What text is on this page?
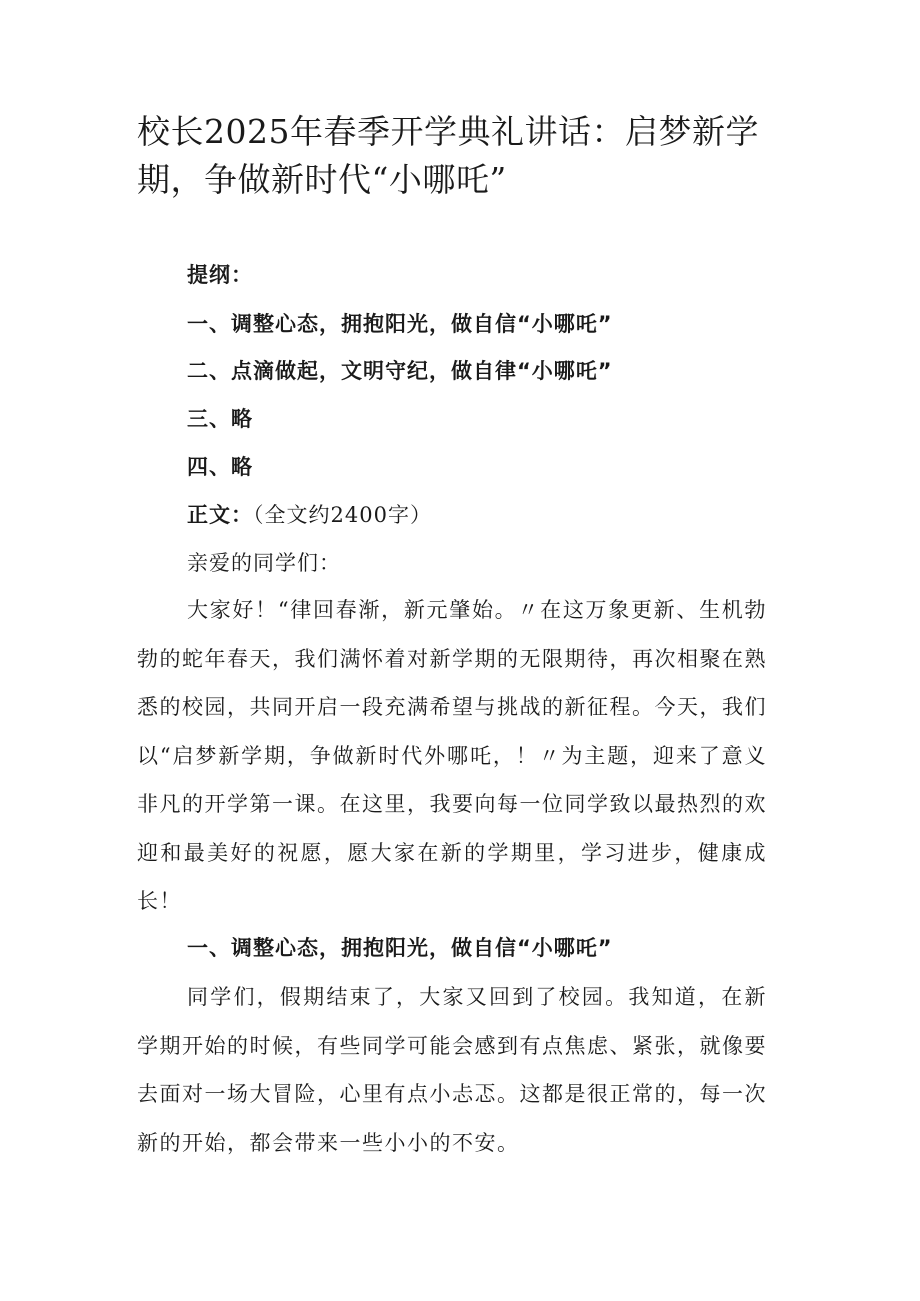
校长2025年春季开学典礼讲话：启梦新学期，争做新时代“小哪吒”
提纲：
一、调整心态，拥抱阳光，做自信“小哪吒”
二、点滴做起，文明守纪，做自律“小哪吒”
三、略
四、略
正文：（全文约2400字）
亲爱的同学们：

大家好！“律回春渐，新元肇始。〃在这万象更新、生机勃勃的蛇年春天，我们满怀着对新学期的无限期待，再次相聚在熟悉的校园，共同开启一段充满希望与挑战的新征程。今天，我们以“启梦新学期，争做新时代外哪吒，！〃为主题，迎来了意义非凡的开学第一课。在这里，我要向每一位同学致以最热烈的欢迎和最美好的祝愿，愿大家在新的学期里，学习进步，健康成长！

一、调整心态，拥抱阳光，做自信“小哪吒”

同学们，假期结束了，大家又回到了校园。我知道，在新学期开始的时候，有些同学可能会感到有点焦虑、紧张，就像要去面对一场大冒险，心里有点小忐忑。这都是很正常的，每一次新的开始，都会带来一些小小的不安。
